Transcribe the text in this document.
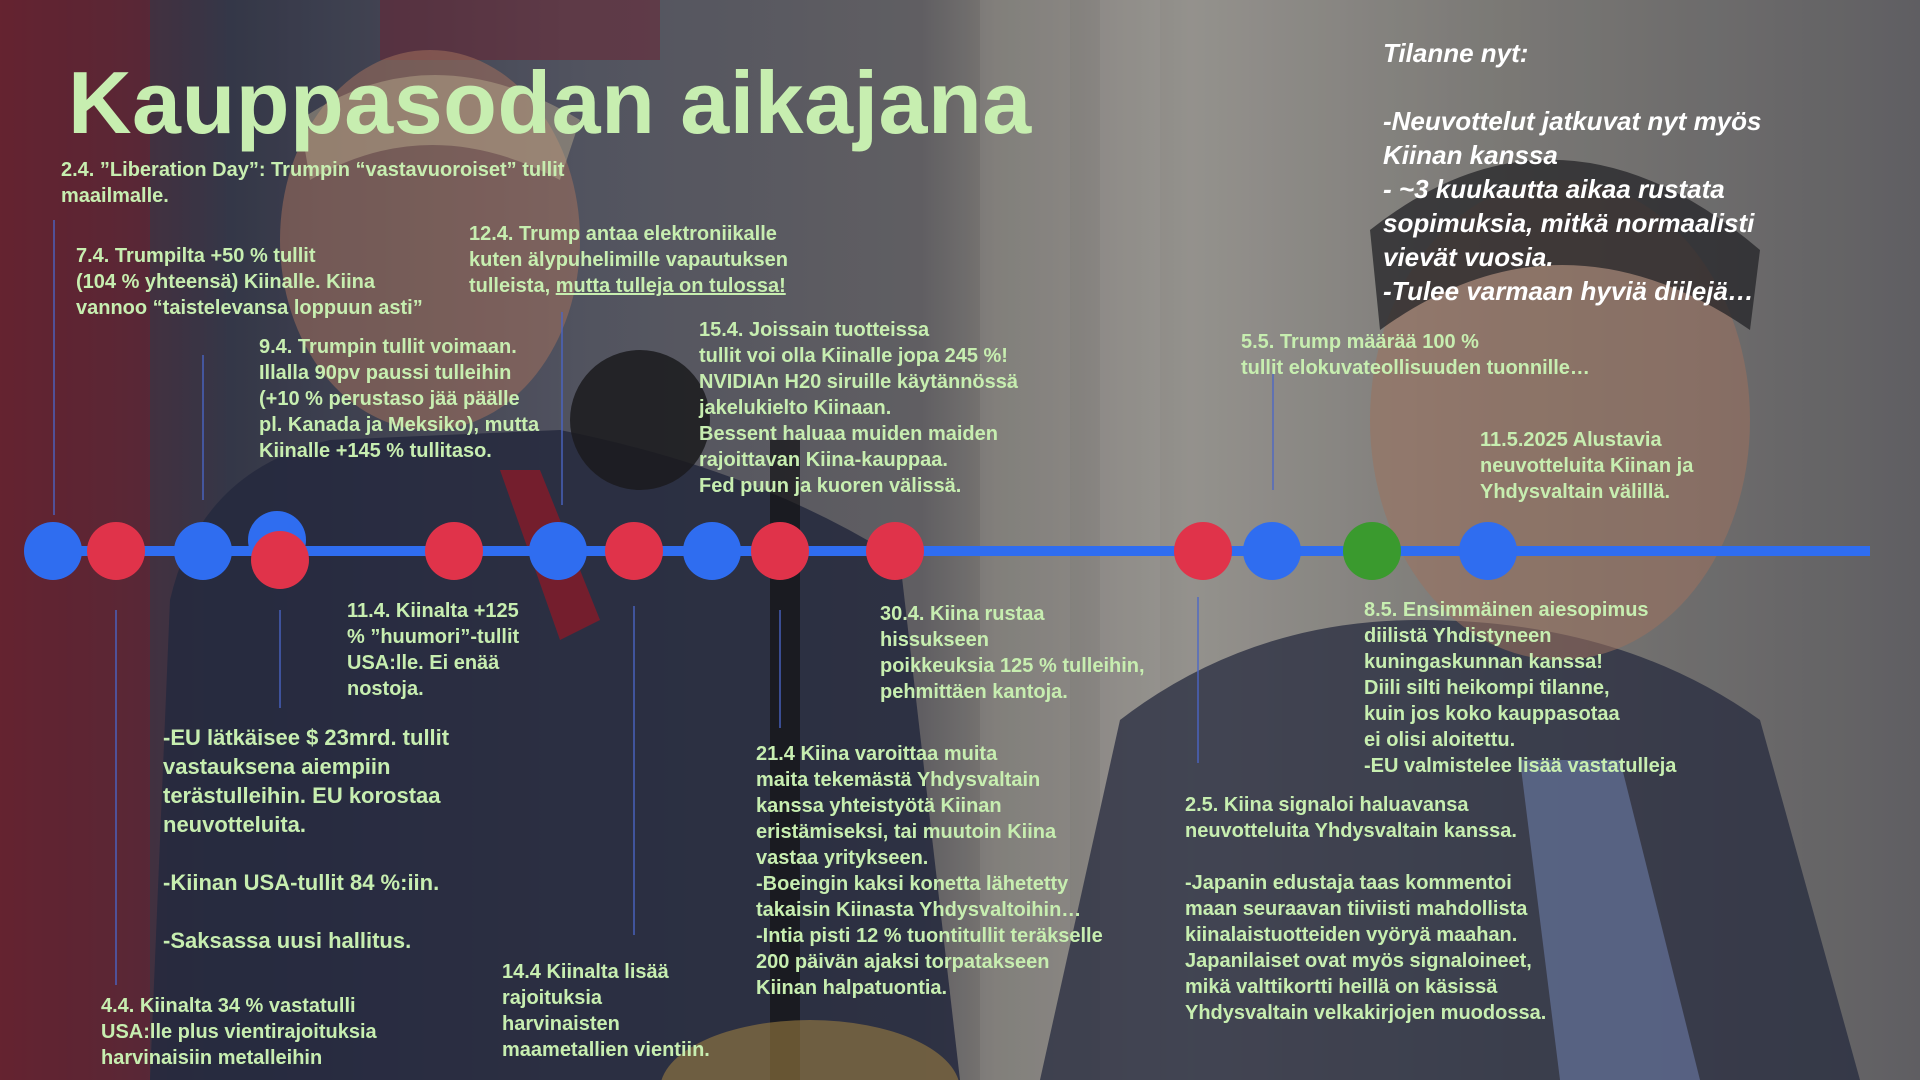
Kauppasodan aikajana
2.4. ”Liberation Day”: Trumpin “vastavuoroiset” tullit
maailmalle.
7.4. Trumpilta +50 % tullit
(104 % yhteensä) Kiinalle. Kiina
vannoo “taistelevansa loppuun asti”
12.4. Trump antaa elektroniikalle
kuten älypuhelimille vapautuksen
tulleista, mutta tulleja on tulossa!
9.4. Trumpin tullit voimaan.
Illalla 90pv paussi tulleihin
(+10 % perustaso jää päälle
pl. Kanada ja Meksiko), mutta
Kiinalle +145 % tullitaso.
15.4. Joissain tuotteissa
tullit voi olla Kiinalle jopa 245 %!
NVIDIAn H20 siruille käytännössä
jakelukielto Kiinaan.
Bessent haluaa muiden maiden
rajoittavan Kiina-kauppaa.
Fed puun ja kuoren välissä.
5.5. Trump määrää 100 %
tullit elokuvateollisuuden tuonnille…
11.5.2025 Alustavia
neuvotteluita Kiinan ja
Yhdysvaltain välillä.
11.4. Kiinalta +125
% ”huumori”-tullit
USA:lle. Ei enää
nostoja.
-EU lätkäisee $ 23mrd. tullit
vastauksena aiempiin
terästulleihin. EU korostaa
neuvotteluita.

-Kiinan USA-tullit 84 %:iin.

-Saksassa uusi hallitus.
4.4. Kiinalta 34 % vastatulli
USA:lle plus vientirajoituksia
harvinaisiin metalleihin
14.4 Kiinalta lisää
rajoituksia
harvinaisten
maametallien vientiin.
30.4. Kiina rustaa
hissukseen
poikkeuksia 125 % tulleihin,
pehmittäen kantoja.
21.4 Kiina varoittaa muita
maita tekemästä Yhdysvaltain
kanssa yhteistyötä Kiinan
eristämiseksi, tai muutoin Kiina
vastaa yritykseen.
-Boeingin kaksi konetta lähetetty
takaisin Kiinasta Yhdysvaltoihin…
-Intia pisti 12 % tuontitullit teräkselle
200 päivän ajaksi torpatakseen
Kiinan halpatuontia.
8.5. Ensimmäinen aiesopimus
diilistä Yhdistyneen
kuningaskunnan kanssa!
Diili silti heikompi tilanne,
kuin jos koko kauppasotaa
ei olisi aloitettu.
-EU valmistelee lisää vastatulleja
2.5. Kiina signaloi haluavansa
neuvotteluita Yhdysvaltain kanssa.

-Japanin edustaja taas kommentoi
maan seuraavan tiiviisti mahdollista
kiinalaistuotteiden vyöryä maahan.
Japanilaiset ovat myös signaloineet,
mikä valttikortti heillä on käsissä
Yhdysvaltain velkakirjojen muodossa.
Tilanne nyt:

-Neuvottelut jatkuvat nyt myös
Kiinan kanssa
- ~3 kuukautta aikaa rustata
sopimuksia, mitkä normaalisti
vievät vuosia.
-Tulee varmaan hyviä diilejä…
